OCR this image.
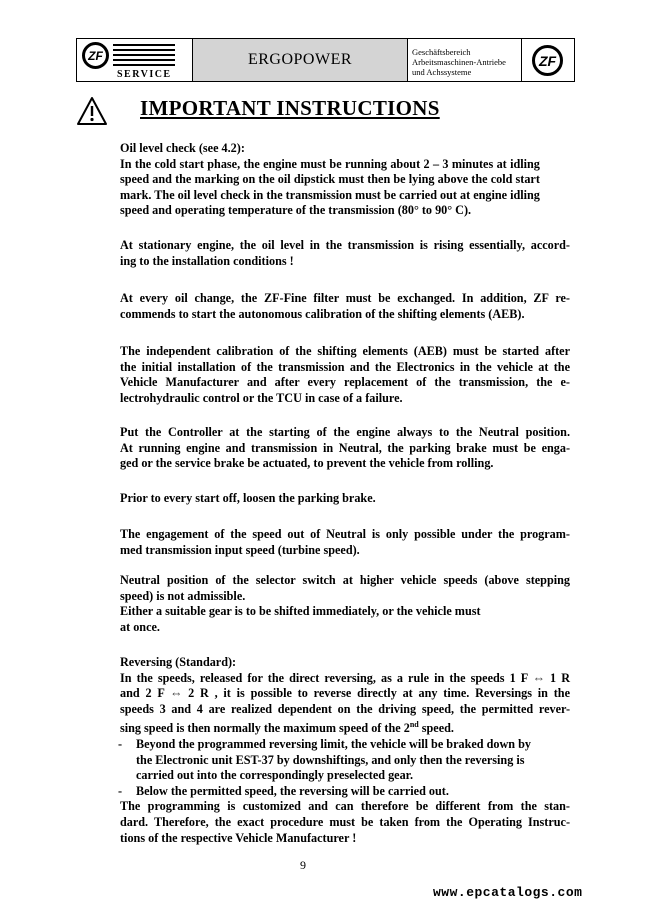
ZF
SERVICE
ERGOPOWER	Geschäftsbereich
Arbeitsmaschinen-Antriebe
und Achssysteme
ZF
IMPORTANT INSTRUCTIONS
Oil level check (see 4.2):
In the cold start phase, the engine must be running about 2 – 3 minutes at idling
speed and the marking on the oil dipstick must then be lying above the cold start
mark. The oil level check in the transmission must be carried out at engine idling
speed and operating temperature of the transmission (80° to 90° C).
At stationary engine, the oil level in the transmission is rising essentially, accord-
ing to the installation conditions !
At every oil change, the ZF-Fine filter must be exchanged. In addition, ZF re-
commends to start the autonomous calibration of the shifting elements (AEB).
The independent calibration of the shifting elements (AEB) must be started after
the initial installation of the transmission and the Electronics in the vehicle at the
Vehicle Manufacturer and after every replacement of the transmission, the e-
lectrohydraulic control or the TCU in case of a failure.
Put the Controller at the starting of the engine always to the Neutral position.
At running engine and transmission in Neutral, the parking brake must be enga-
ged or the service brake be actuated, to prevent the vehicle from rolling.
Prior to every start off, loosen the parking brake.
The engagement of the speed out of Neutral is only possible under the program-
med transmission input speed (turbine speed).
Neutral position of the selector switch at higher vehicle speeds (above stepping
speed) is not admissible.
Either a suitable gear is to be shifted immediately, or the vehicle must
at once.
Reversing (Standard):
In the speeds, released for the direct reversing, as a rule in the speeds 1 F ⇔ 1 R
and 2 F ⇔ 2 R , it is possible to reverse directly at any time. Reversings in the
speeds 3 and 4 are realized dependent on the driving speed, the permitted rever-
sing speed is then normally the maximum speed of the 2nd speed.
-	Beyond the programmed reversing limit, the vehicle will be braked down by
the Electronic unit EST-37 by downshiftings, and only then the reversing is
carried out into the correspondingly preselected gear.
-	Below the permitted speed, the reversing will be carried out.
The programming is customized and can therefore be different from the stan-
dard. Therefore, the exact procedure must be taken from the Operating Instruc-
tions of the respective Vehicle Manufacturer !
9
www.epcatalogs.com
